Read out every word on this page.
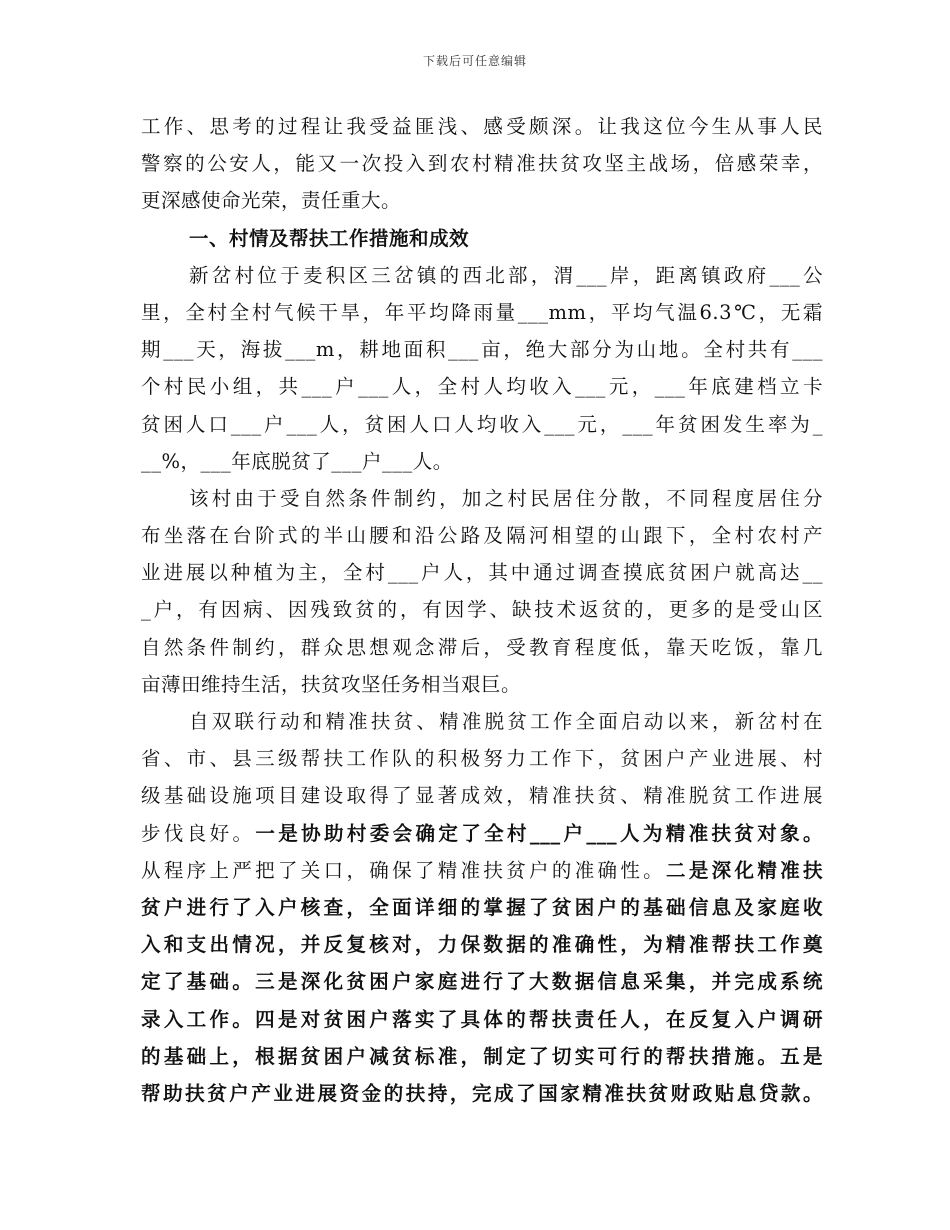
下载后可任意编辑
工作、思考的过程让我受益匪浅、感受颇深。让我这位今生从事人民
警察的公安人，能又一次投入到农村精准扶贫攻坚主战场，倍感荣幸，
更深感使命光荣，责任重大。
一、村情及帮扶工作措施和成效
新岔村位于麦积区三岔镇的西北部，渭___岸，距离镇政府___公
里，全村全村气候干旱，年平均降雨量___mm，平均气温6.3℃，无霜
期___天，海拔___m，耕地面积___亩，绝大部分为山地。全村共有___
个村民小组，共___户___人，全村人均收入___元，___年底建档立卡
贫困人口___户___人，贫困人口人均收入___元，___年贫困发生率为_
__%，___年底脱贫了___户___人。
该村由于受自然条件制约，加之村民居住分散，不同程度居住分
布坐落在台阶式的半山腰和沿公路及隔河相望的山跟下，全村农村产
业进展以种植为主，全村___户人，其中通过调查摸底贫困户就高达__
_户，有因病、因残致贫的，有因学、缺技术返贫的，更多的是受山区
自然条件制约，群众思想观念滞后，受教育程度低，靠天吃饭，靠几
亩薄田维持生活，扶贫攻坚任务相当艰巨。
自双联行动和精准扶贫、精准脱贫工作全面启动以来，新岔村在
省、市、县三级帮扶工作队的积极努力工作下，贫困户产业进展、村
级基础设施项目建设取得了显著成效，精准扶贫、精准脱贫工作进展
步伐良好。一是协助村委会确定了全村___户___人为精准扶贫对象。
从程序上严把了关口，确保了精准扶贫户的准确性。二是深化精准扶
贫户进行了入户核查，全面详细的掌握了贫困户的基础信息及家庭收
入和支出情况，并反复核对，力保数据的准确性，为精准帮扶工作奠
定了基础。三是深化贫困户家庭进行了大数据信息采集，并完成系统
录入工作。四是对贫困户落实了具体的帮扶责任人，在反复入户调研
的基础上，根据贫困户减贫标准，制定了切实可行的帮扶措施。五是
帮助扶贫户产业进展资金的扶持，完成了国家精准扶贫财政贴息贷款。
